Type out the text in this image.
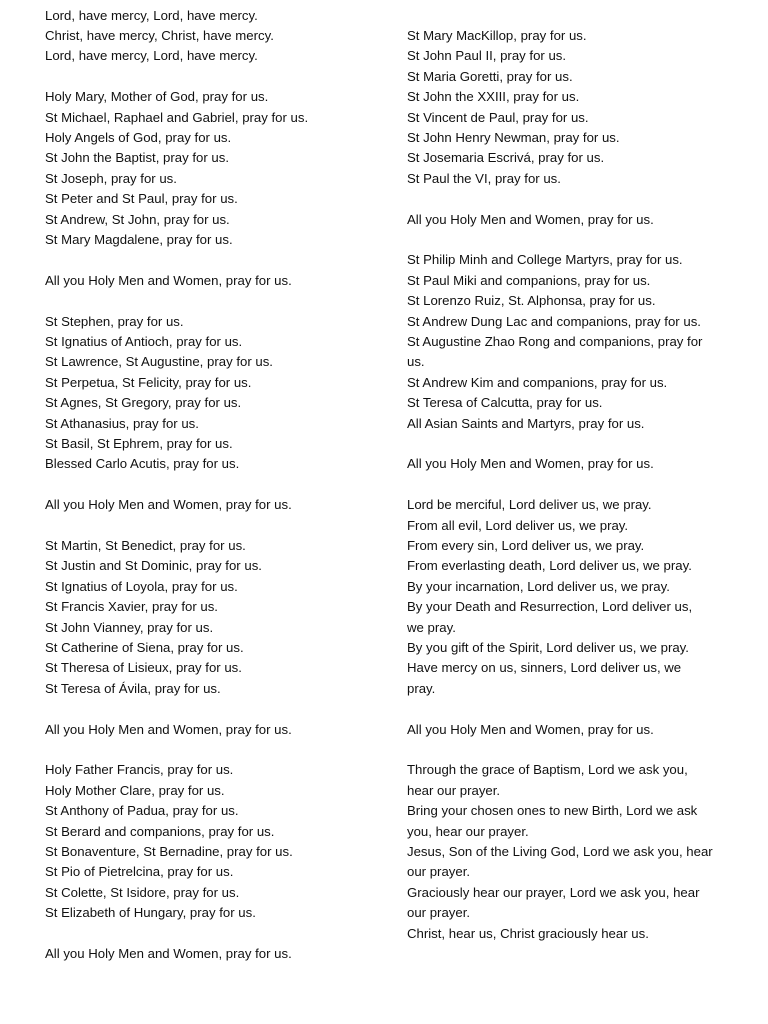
Lord, have mercy, Lord, have mercy.
Christ, have mercy, Christ, have mercy.
Lord, have mercy, Lord, have mercy.
Holy Mary, Mother of God, pray for us.
St Michael, Raphael and Gabriel, pray for us.
Holy Angels of God, pray for us.
St John the Baptist, pray for us.
St Joseph, pray for us.
St Peter and St Paul, pray for us.
St Andrew, St John, pray for us.
St Mary Magdalene, pray for us.
All you Holy Men and Women, pray for us.
St Stephen, pray for us.
St Ignatius of Antioch, pray for us.
St Lawrence, St Augustine, pray for us.
St Perpetua, St Felicity, pray for us.
St Agnes, St Gregory, pray for us.
St Athanasius, pray for us.
St Basil, St Ephrem, pray for us.
Blessed Carlo Acutis, pray for us.
All you Holy Men and Women, pray for us.
St Martin, St Benedict, pray for us.
St Justin and St Dominic, pray for us.
St Ignatius of Loyola, pray for us.
St Francis Xavier, pray for us.
St John Vianney, pray for us.
St Catherine of Siena, pray for us.
St Theresa of Lisieux, pray for us.
St Teresa of Ávila, pray for us.
All you Holy Men and Women, pray for us.
Holy Father Francis, pray for us.
Holy Mother Clare, pray for us.
St Anthony of Padua, pray for us.
St Berard and companions, pray for us.
St Bonaventure, St Bernadine, pray for us.
St Pio of Pietrelcina, pray for us.
St Colette, St Isidore, pray for us.
St Elizabeth of Hungary, pray for us.
All you Holy Men and Women, pray for us.
St Mary MacKillop, pray for us.
St John Paul II, pray for us.
St Maria Goretti, pray for us.
St John the XXIII, pray for us.
St Vincent de Paul, pray for us.
St John Henry Newman, pray for us.
St Josemaria Escrivá, pray for us.
St Paul the VI, pray for us.
All you Holy Men and Women, pray for us.
St Philip Minh and College Martyrs, pray for us.
St Paul Miki and companions, pray for us.
St Lorenzo Ruiz, St. Alphonsa, pray for us.
St Andrew Dung Lac and companions, pray for us.
St Augustine Zhao Rong and companions, pray for
us.
St Andrew Kim and companions, pray for us.
St Teresa of Calcutta, pray for us.
All Asian Saints and Martyrs, pray for us.
All you Holy Men and Women, pray for us.
Lord be merciful, Lord deliver us, we pray.
From all evil, Lord deliver us, we pray.
From every sin, Lord deliver us, we pray.
From everlasting death, Lord deliver us, we pray.
By your incarnation, Lord deliver us, we pray.
By your Death and Resurrection, Lord deliver us,
we pray.
By you gift of the Spirit, Lord deliver us, we pray.
Have mercy on us, sinners, Lord deliver us, we
pray.
All you Holy Men and Women, pray for us.
Through the grace of Baptism, Lord we ask you,
hear our prayer.
Bring your chosen ones to new Birth, Lord we ask
you, hear our prayer.
Jesus, Son of the Living God, Lord we ask you, hear
our prayer.
Graciously hear our prayer, Lord we ask you, hear
our prayer.
Christ, hear us, Christ graciously hear us.
